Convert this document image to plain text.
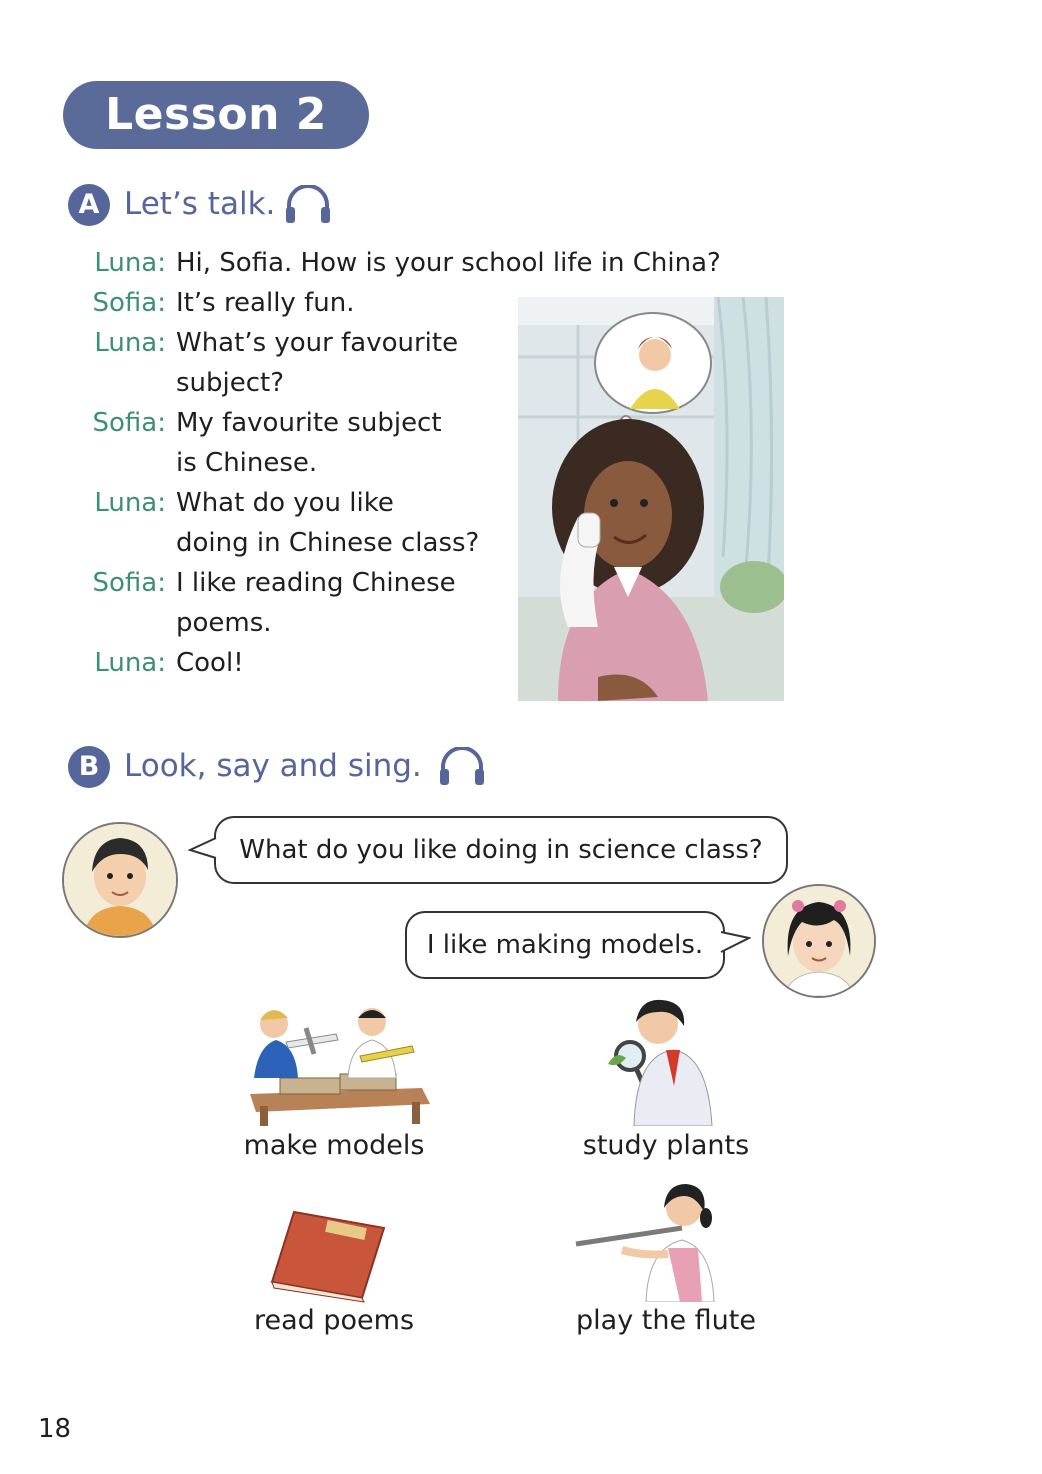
Lesson 2
A Let’s talk.
Luna: Hi, Sofia. How is your school life in China?
Sofia: It’s really fun.
Luna: What’s your favourite
subject?
Sofia: My favourite subject
is Chinese.
Luna: What do you like
doing in Chinese class?
Sofia: I like reading Chinese
poems.
Luna: Cool!
B Look, say and sing.
What do you like doing in science class?
I like making models.
make models	study plants
read poems	play the flute
18
